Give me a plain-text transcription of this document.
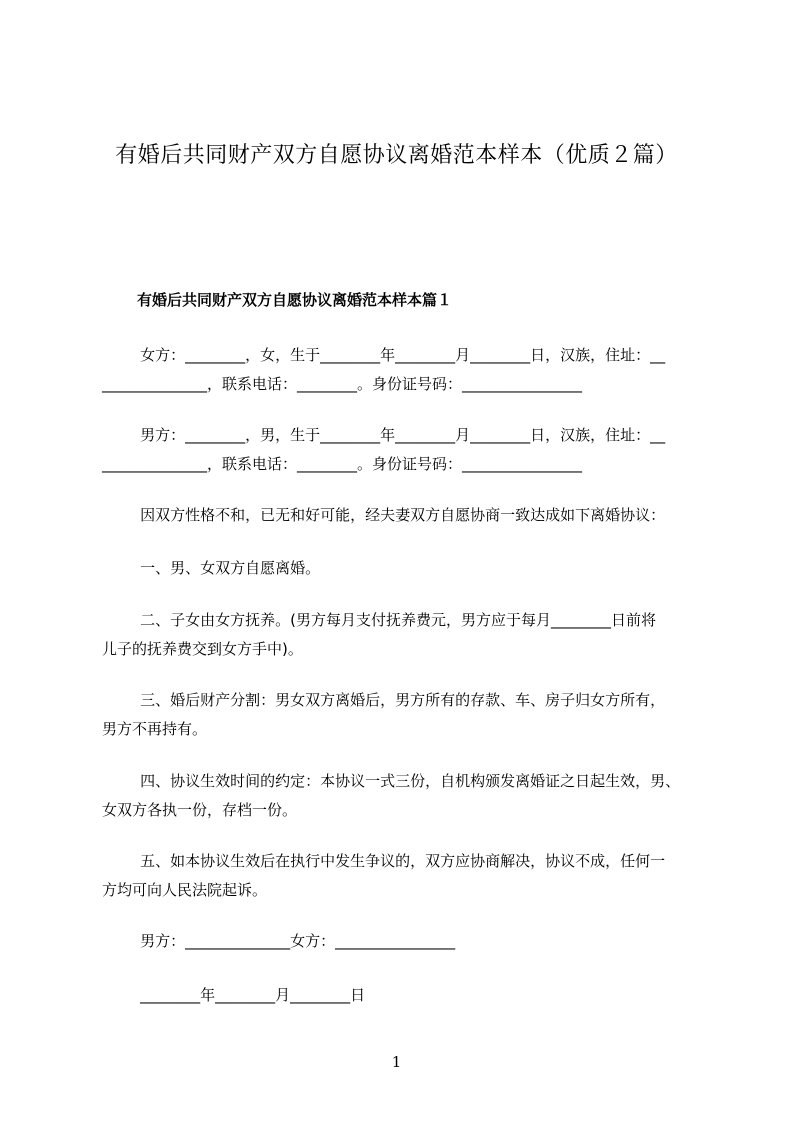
有婚后共同财产双方自愿协议离婚范本样本（优质２篇）
有婚后共同财产双方自愿协议离婚范本样本篇１

女方：________，女，生于________年________月________日，汉族，住址：__
______________，联系电话：________。身份证号码：________________

男方：________，男，生于________年________月________日，汉族，住址：__
______________，联系电话：________。身份证号码：________________

因双方性格不和，已无和好可能，经夫妻双方自愿协商一致达成如下离婚协议：

一、男、女双方自愿离婚。

二、子女由女方抚养。(男方每月支付抚养费元，男方应于每月________日前将
儿子的抚养费交到女方手中)。

三、婚后财产分割：男女双方离婚后，男方所有的存款、车、房子归女方所有，
男方不再持有。

四、协议生效时间的约定：本协议一式三份，自机构颁发离婚证之日起生效，男、
女双方各执一份，存档一份。

五、如本协议生效后在执行中发生争议的，双方应协商解决，协议不成，任何一
方均可向人民法院起诉。

男方：______________女方：________________

________年________月________日

1
